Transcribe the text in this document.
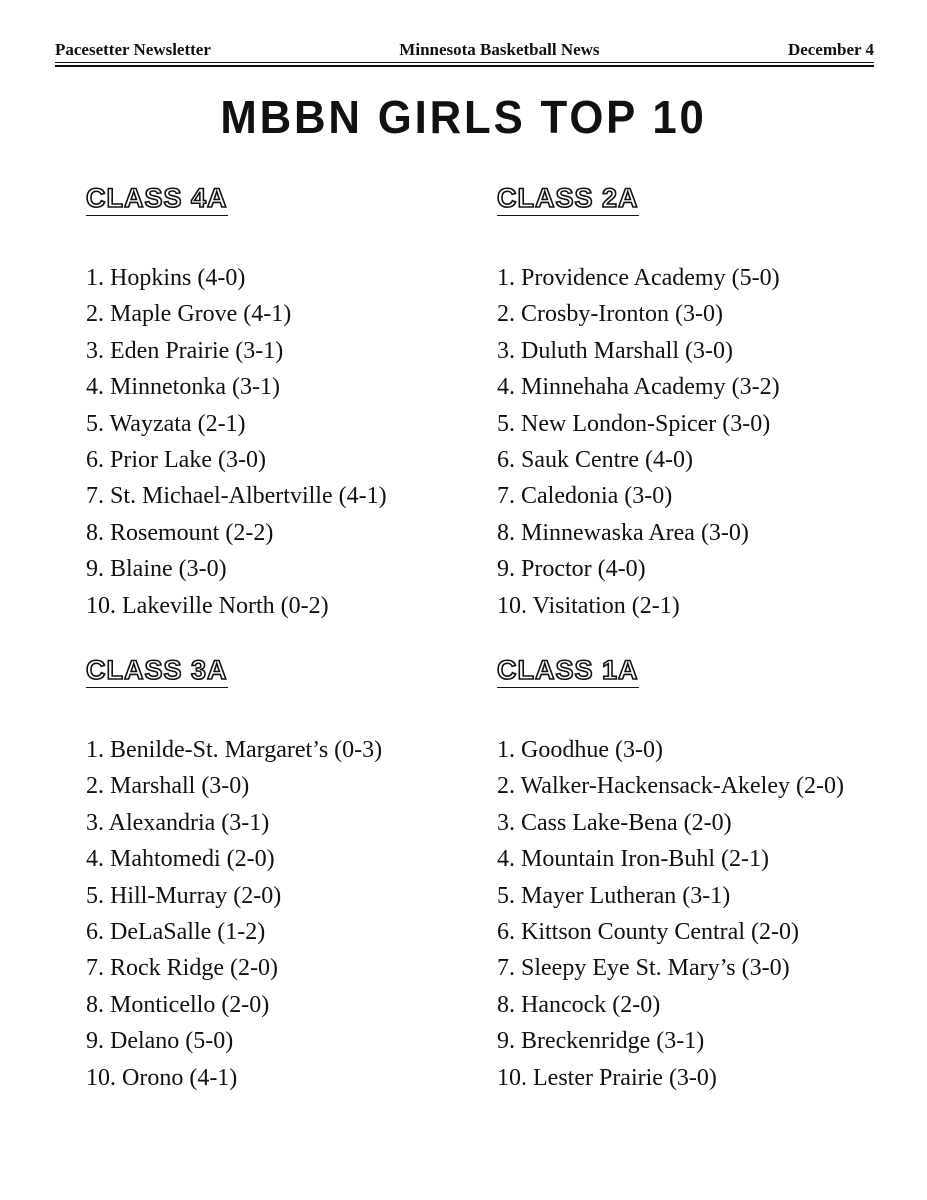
Pacesetter Newsletter	Minnesota Basketball News	December 4
MBBN GIRLS TOP 10
CLASS 4A
1. Hopkins (4-0)
2. Maple Grove (4-1)
3. Eden Prairie (3-1)
4. Minnetonka (3-1)
5. Wayzata (2-1)
6. Prior Lake (3-0)
7. St. Michael-Albertville (4-1)
8. Rosemount (2-2)
9. Blaine (3-0)
10. Lakeville North (0-2)
CLASS 2A
1. Providence Academy (5-0)
2. Crosby-Ironton (3-0)
3. Duluth Marshall (3-0)
4. Minnehaha Academy (3-2)
5. New London-Spicer (3-0)
6. Sauk Centre (4-0)
7. Caledonia (3-0)
8. Minnewaska Area (3-0)
9. Proctor (4-0)
10. Visitation (2-1)
CLASS 3A
1. Benilde-St. Margaret’s (0-3)
2. Marshall (3-0)
3. Alexandria (3-1)
4. Mahtomedi (2-0)
5. Hill-Murray (2-0)
6. DeLaSalle (1-2)
7. Rock Ridge (2-0)
8. Monticello (2-0)
9. Delano (5-0)
10. Orono (4-1)
CLASS 1A
1. Goodhue (3-0)
2. Walker-Hackensack-Akeley (2-0)
3. Cass Lake-Bena (2-0)
4. Mountain Iron-Buhl (2-1)
5. Mayer Lutheran (3-1)
6. Kittson County Central (2-0)
7. Sleepy Eye St. Mary’s (3-0)
8. Hancock (2-0)
9. Breckenridge (3-1)
10. Lester Prairie (3-0)
